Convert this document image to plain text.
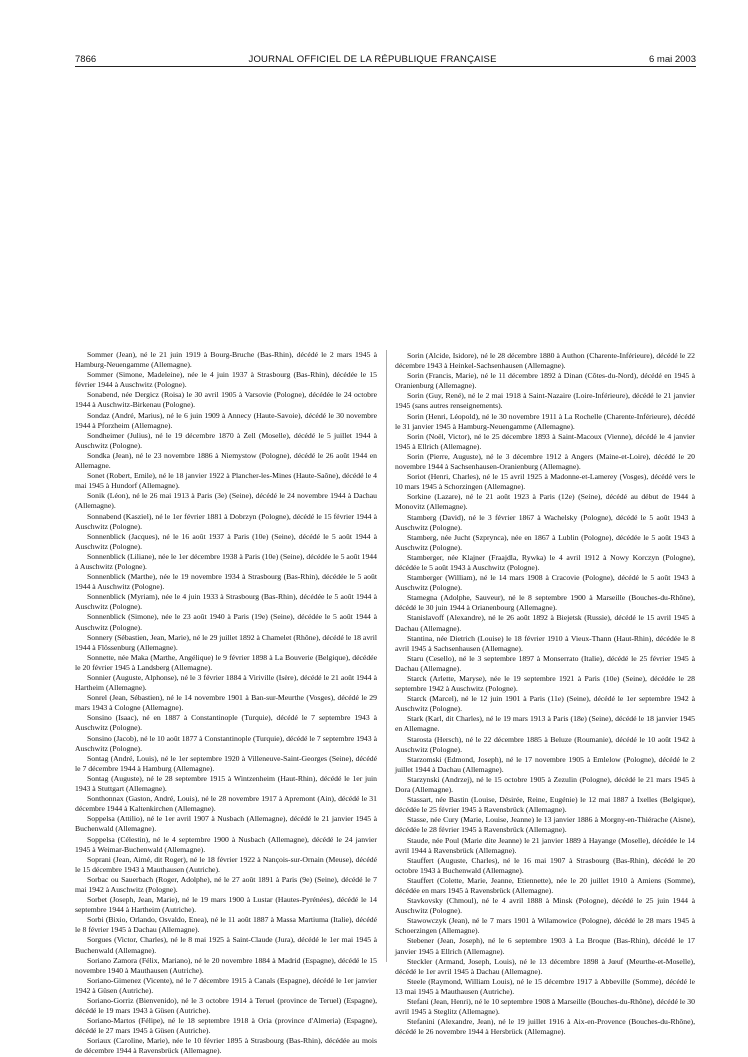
7866	JOURNAL OFFICIEL DE LA RÉPUBLIQUE FRANÇAISE	6 mai 2003

Sommer (Jean), né le 21 juin 1919 à Bourg-Bruche (Bas-Rhin), décédé le 2 mars 1945 à Hamburg-Neuengamme (Allemagne).

Sommer (Simone, Madeleine), née le 4 juin 1937 à Strasbourg (Bas-Rhin), décédée le 15 février 1944 à Auschwitz (Pologne).

Sonabend, née Dergicz (Roisa) le 30 avril 1905 à Varsovie (Pologne), décédée le 24 octobre 1944 à Auschwitz-Birkenau (Pologne).

Sondaz (André, Marius), né le 6 juin 1909 à Annecy (Haute-Savoie), décédé le 30 novembre 1944 à Pforzheim (Allemagne).

Sondheimer (Julius), né le 19 décembre 1870 à Zell (Moselle), décédé le 5 juillet 1944 à Auschwitz (Pologne).

Sondka (Jean), né le 23 novembre 1886 à Niemystow (Pologne), décédé le 26 août 1944 en Allemagne.

Sonet (Robert, Emile), né le 18 janvier 1922 à Plancher-les-Mines (Haute-Saône), décédé le 4 mai 1945 à Hundorf (Allemagne).

Sonik (Léon), né le 26 mai 1913 à Paris (3e) (Seine), décédé le 24 novembre 1944 à Dachau (Allemagne).

Sonnabend (Kasziel), né le 1er février 1881 à Dobrzyn (Pologne), décédé le 15 février 1944 à Auschwitz (Pologne).

Sonnenblick (Jacques), né le 16 août 1937 à Paris (10e) (Seine), décédé le 5 août 1944 à Auschwitz (Pologne).

Sonnenblick (Liliane), née le 1er décembre 1938 à Paris (10e) (Seine), décédée le 5 août 1944 à Auschwitz (Pologne).

Sonnenblick (Marthe), née le 19 novembre 1934 à Strasbourg (Bas-Rhin), décédée le 5 août 1944 à Auschwitz (Pologne).

Sonnenblick (Myriam), née le 4 juin 1933 à Strasbourg (Bas-Rhin), décédée le 5 août 1944 à Auschwitz (Pologne).

Sonnenblick (Simone), née le 23 août 1940 à Paris (19e) (Seine), décédée le 5 août 1944 à Auschwitz (Pologne).

Sonnery (Sébastien, Jean, Marie), né le 29 juillet 1892 à Chamelet (Rhône), décédé le 18 avril 1944 à Flössenburg (Allemagne).

Sonnette, née Maka (Marthe, Angélique) le 9 février 1898 à La Bouverie (Belgique), décédée le 20 février 1945 à Landsberg (Allemagne).

Sonnier (Auguste, Alphonse), né le 3 février 1884 à Viriville (Isère), décédé le 21 août 1944 à Hartheim (Allemagne).

Sonrel (Jean, Sébastien), né le 14 novembre 1901 à Ban-sur-Meurthe (Vosges), décédé le 29 mars 1943 à Cologne (Allemagne).

Sonsino (Isaac), né en 1887 à Constantinople (Turquie), décédé le 7 septembre 1943 à Auschwitz (Pologne).

Sonsino (Jacob), né le 10 août 1877 à Constantinople (Turquie), décédé le 7 septembre 1943 à Auschwitz (Pologne).

Sontag (André, Louis), né le 1er septembre 1920 à Villeneuve-Saint-Georges (Seine), décédé le 7 décembre 1944 à Hamburg (Allemagne).

Sontag (Auguste), né le 28 septembre 1915 à Wintzenheim (Haut-Rhin), décédé le 1er juin 1943 à Stuttgart (Allemagne).

Sonthonnax (Gaston, André, Louis), né le 28 novembre 1917 à Apremont (Ain), décédé le 31 décembre 1944 à Kaltenkirchen (Allemagne).

Soppelsa (Attilio), né le 1er avril 1907 à Nusbach (Allemagne), décédé le 21 janvier 1945 à Buchenwald (Allemagne).

Soppelsa (Célestin), né le 4 septembre 1900 à Nusbach (Allemagne), décédé le 24 janvier 1945 à Weimar-Buchenwald (Allemagne).

Soprani (Jean, Aimé, dit Roger), né le 18 février 1922 à Nançois-sur-Ornain (Meuse), décédé le 15 décembre 1943 à Mauthausen (Autriche).

Sorbac ou Sauerbach (Roger, Adolphe), né le 27 août 1891 à Paris (9e) (Seine), décédé le 7 mai 1942 à Auschwitz (Pologne).

Sorbet (Joseph, Jean, Marie), né le 19 mars 1900 à Lustar (Hautes-Pyrénées), décédé le 14 septembre 1944 à Hartheim (Autriche).

Sorbi (Bixio, Orlando, Osvaldo, Enea), né le 11 août 1887 à Massa Martiuma (Italie), décédé le 8 février 1945 à Dachau (Allemagne).

Sorgues (Victor, Charles), né le 8 mai 1925 à Saint-Claude (Jura), décédé le 1er mai 1945 à Buchenwald (Allemagne).

Soriano Zamora (Félix, Mariano), né le 20 novembre 1884 à Madrid (Espagne), décédé le 15 novembre 1940 à Mauthausen (Autriche).

Soriano-Gimenez (Vicente), né le 7 décembre 1915 à Canals (Espagne), décédé le 1er janvier 1942 à Güsen (Autriche).

Soriano-Gorriz (Bienvenido), né le 3 octobre 1914 à Teruel (province de Teruel) (Espagne), décédé le 19 mars 1943 à Güsen (Autriche).

Soriano-Martos (Félipe), né le 18 septembre 1918 à Oria (province d'Almeria) (Espagne), décédé le 27 mars 1945 à Güsen (Autriche).

Soriaux (Caroline, Marie), née le 10 février 1895 à Strasbourg (Bas-Rhin), décédée au mois de décembre 1944 à Ravensbrück (Allemagne).

Sorin (Alcide, Isidore), né le 28 décembre 1880 à Authon (Charente-Inférieure), décédé le 22 décembre 1943 à Heinkel-Sachsenhausen (Allemagne).

Sorin (Francis, Marie), né le 11 décembre 1892 à Dinan (Côtes-du-Nord), décédé en 1945 à Oranienburg (Allemagne).

Sorin (Guy, René), né le 2 mai 1918 à Saint-Nazaire (Loire-Inférieure), décédé le 21 janvier 1945 (sans autres renseignements).

Sorin (Henri, Léopold), né le 30 novembre 1911 à La Rochelle (Charente-Inférieure), décédé le 31 janvier 1945 à Hamburg-Neuengamme (Allemagne).

Sorin (Noël, Victor), né le 25 décembre 1893 à Saint-Macoux (Vienne), décédé le 4 janvier 1945 à Ellrich (Allemagne).

Sorin (Pierre, Auguste), né le 3 décembre 1912 à Angers (Maine-et-Loire), décédé le 20 novembre 1944 à Sachsenhausen-Oranienburg (Allemagne).

Soriot (Henri, Charles), né le 15 avril 1925 à Madonne-et-Lamerey (Vosges), décédé vers le 10 mars 1945 à Schorzingen (Allemagne).

Sorkine (Lazare), né le 21 août 1923 à Paris (12e) (Seine), décédé au début de 1944 à Monovitz (Allemagne).

Stamberg (David), né le 3 février 1867 à Wachelsky (Pologne), décédé le 5 août 1943 à Auschwitz (Pologne).

Stamberg, née Jucht (Szprynca), née en 1867 à Lublin (Pologne), décédée le 5 août 1943 à Auschwitz (Pologne).

Stamberger, née Klajner (Fraajdla, Rywka) le 4 avril 1912 à Nowy Korczyn (Pologne), décédée le 5 août 1943 à Auschwitz (Pologne).

Stamberger (William), né le 14 mars 1908 à Cracovie (Pologne), décédé le 5 août 1943 à Auschwitz (Pologne).

Stamegna (Adolphe, Sauveur), né le 8 septembre 1900 à Marseille (Bouches-du-Rhône), décédé le 30 juin 1944 à Orianenbourg (Allemagne).

Stanislavoff (Alexandre), né le 26 août 1892 à Biejetsk (Russie), décédé le 15 avril 1945 à Dachau (Allemagne).

Stantina, née Dietrich (Louise) le 18 février 1910 à Vieux-Thann (Haut-Rhin), décédée le 8 avril 1945 à Sachsenhausen (Allemagne).

Staru (Cesello), né le 3 septembre 1897 à Monserrato (Italie), décédé le 25 février 1945 à Dachau (Allemagne).

Starck (Arlette, Maryse), née le 19 septembre 1921 à Paris (10e) (Seine), décédée le 28 septembre 1942 à Auschwitz (Pologne).

Starck (Marcel), né le 12 juin 1901 à Paris (11e) (Seine), décédé le 1er septembre 1942 à Auschwitz (Pologne).

Stark (Karl, dit Charles), né le 19 mars 1913 à Paris (18e) (Seine), décédé le 18 janvier 1945 en Allemagne.

Starosta (Hersch), né le 22 décembre 1885 à Beluze (Roumanie), décédé le 10 août 1942 à Auschwitz (Pologne).

Starzomski (Edmond, Joseph), né le 17 novembre 1905 à Emlelow (Pologne), décédé le 2 juillet 1944 à Dachau (Allemagne).

Starzynski (Andrzej), né le 15 octobre 1905 à Zezulin (Pologne), décédé le 21 mars 1945 à Dora (Allemagne).

Stassart, née Bastin (Louise, Désirée, Reine, Eugénie) le 12 mai 1887 à Ixelles (Belgique), décédée le 25 février 1945 à Ravensbrück (Allemagne).

Stasse, née Cury (Marie, Louise, Jeanne) le 13 janvier 1886 à Morgny-en-Thiérache (Aisne), décédée le 28 février 1945 à Ravensbrück (Allemagne).

Staude, née Poul (Marie dite Jeanne) le 21 janvier 1889 à Hayange (Moselle), décédée le 14 avril 1944 à Ravensbrück (Allemagne).

Stauffert (Auguste, Charles), né le 16 mai 1907 à Strasbourg (Bas-Rhin), décédé le 20 octobre 1943 à Buchenwald (Allemagne).

Stauffert (Colette, Marie, Jeanne, Etiennette), née le 20 juillet 1910 à Amiens (Somme), décédée en mars 1945 à Ravensbrück (Allemagne).

Stavkovsky (Chmoul), né le 4 avril 1888 à Minsk (Pologne), décédé le 25 juin 1944 à Auschwitz (Pologne).

Stawowczyk (Jean), né le 7 mars 1901 à Wilamowice (Pologne), décédé le 28 mars 1945 à Schoerzingen (Allemagne).

Stebener (Jean, Joseph), né le 6 septembre 1903 à La Broque (Bas-Rhin), décédé le 17 janvier 1945 à Ellrich (Allemagne).

Steckler (Armand, Joseph, Louis), né le 13 décembre 1898 à Jœuf (Meurthe-et-Moselle), décédé le 1er avril 1945 à Dachau (Allemagne).

Steele (Raymond, William Louis), né le 15 décembre 1917 à Abbeville (Somme), décédé le 13 mai 1945 à Mauthausen (Autriche).

Stefani (Jean, Henri), né le 10 septembre 1908 à Marseille (Bouches-du-Rhône), décédé le 30 avril 1945 à Steglitz (Allemagne).

Stefanini (Alexandre, Jean), né le 19 juillet 1916 à Aix-en-Provence (Bouches-du-Rhône), décédé le 26 novembre 1944 à Hersbrück (Allemagne).
